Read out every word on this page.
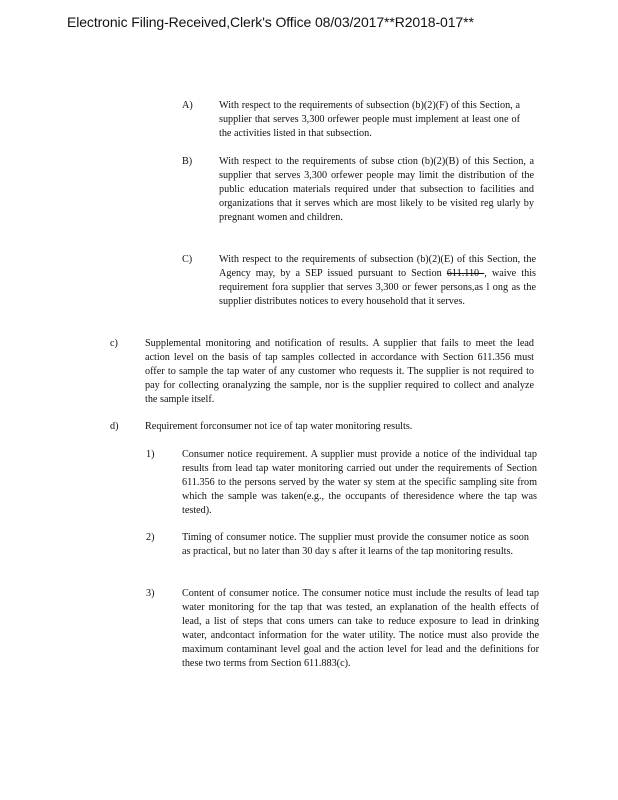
Electronic Filing-Received,Clerk's Office 08/03/2017**R2018-017**
A)	With respect to the requirements of subsection (b)(2)(F) of this Section, a supplier that serves 3,300 orfewer people must implement at least one of the activities listed in that subsection.
B)	With respect to the requirements of subse ction (b)(2)(B) of this Section, a supplier that serves 3,300 orfewer people may limit the distribution of the public education materials required under that subsection to facilities and organizations that it serves which are most likely to be visited reg ularly by pregnant women and children.
C)	With respect to the requirements of subsection (b)(2)(E) of this Section, the Agency may, by a SEP issued pursuant to Section 611.110 , waive this requirement fora supplier that serves 3,300 or fewer persons,as l ong as the supplier distributes notices to every household that it serves.
c)	Supplemental monitoring and notification of results. A supplier that fails to meet the lead action level on the basis of tap samples collected in accordance with Section 611.356 must offer to sample the tap water of any customer who requests it. The supplier is not required to pay for collecting oranalyzing the sample, nor is the supplier required to collect and analyze the sample itself.
d)	Requirement forconsumer not ice of tap water monitoring results.
1)	Consumer notice requirement. A supplier must provide a notice of the individual tap results from lead tap water monitoring carried out under the requirements of Section 611.356 to the persons served by the water sy stem at the specific sampling site from which the sample was taken(e.g., the occupants of theresidence where the tap was tested).
2)	Timing of consumer notice. The supplier must provide the consumer notice as soon as practical, but no later than 30 day s after it learns of the tap monitoring results.
3)	Content of consumer notice. The consumer notice must include the results of lead tap water monitoring for the tap that was tested, an explanation of the health effects of lead, a list of steps that cons umers can take to reduce exposure to lead in drinking water, andcontact information for the water utility. The notice must also provide the maximum contaminant level goal and the action level for lead and the definitions for these two terms from Section 611.883(c).
